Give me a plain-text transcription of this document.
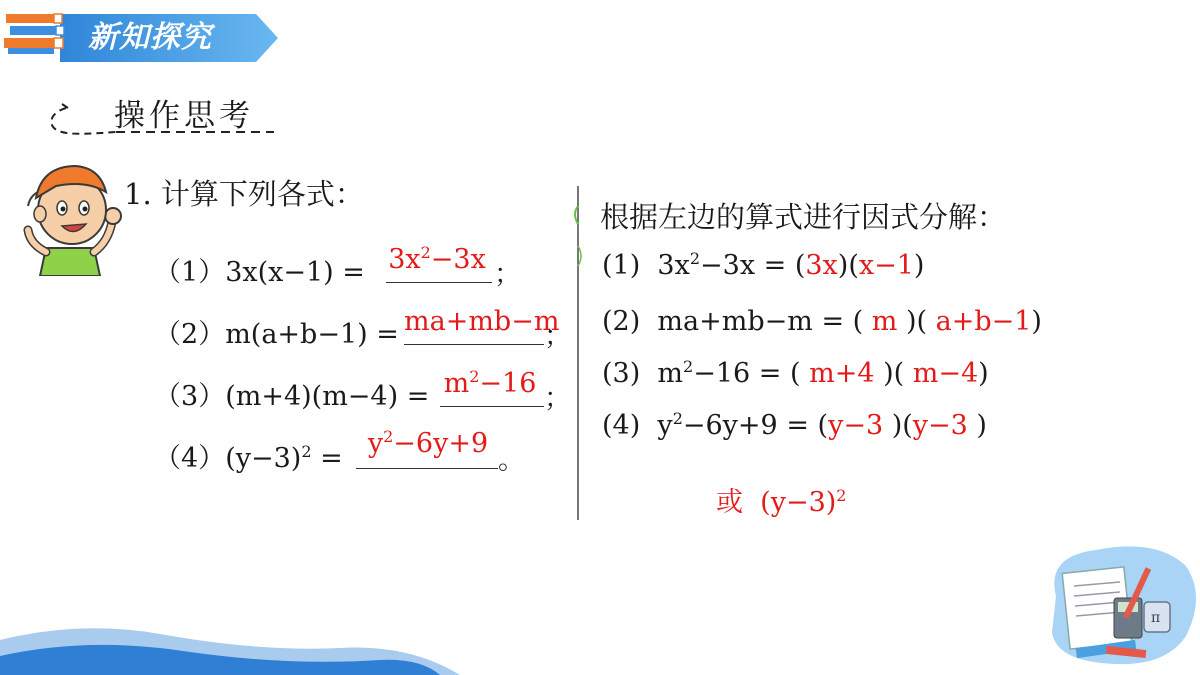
新知探究
操作思考
1. 计算下列各式：
$(1)3x(x-1) = 3x^2-3x$ ；
（2）m(a+b−1) = ma+mb−m
；
$(3)(m+4)(m-4) = m^2-16$ ；
$(4)(y-3)^2 = y^2-6y+9$
。
根据左边的算式进行因式分解：
(1) $3x^2-3x = (3x)(x-1)$
(2) ma+mb−m = ( m )( a+b−1)
(3) $m^2-16$ = ( m+4 )( m−4)
(4) $y^2-6y+9 = (y-3$ )(y−3 )
或 $(y-3)^2$
π
